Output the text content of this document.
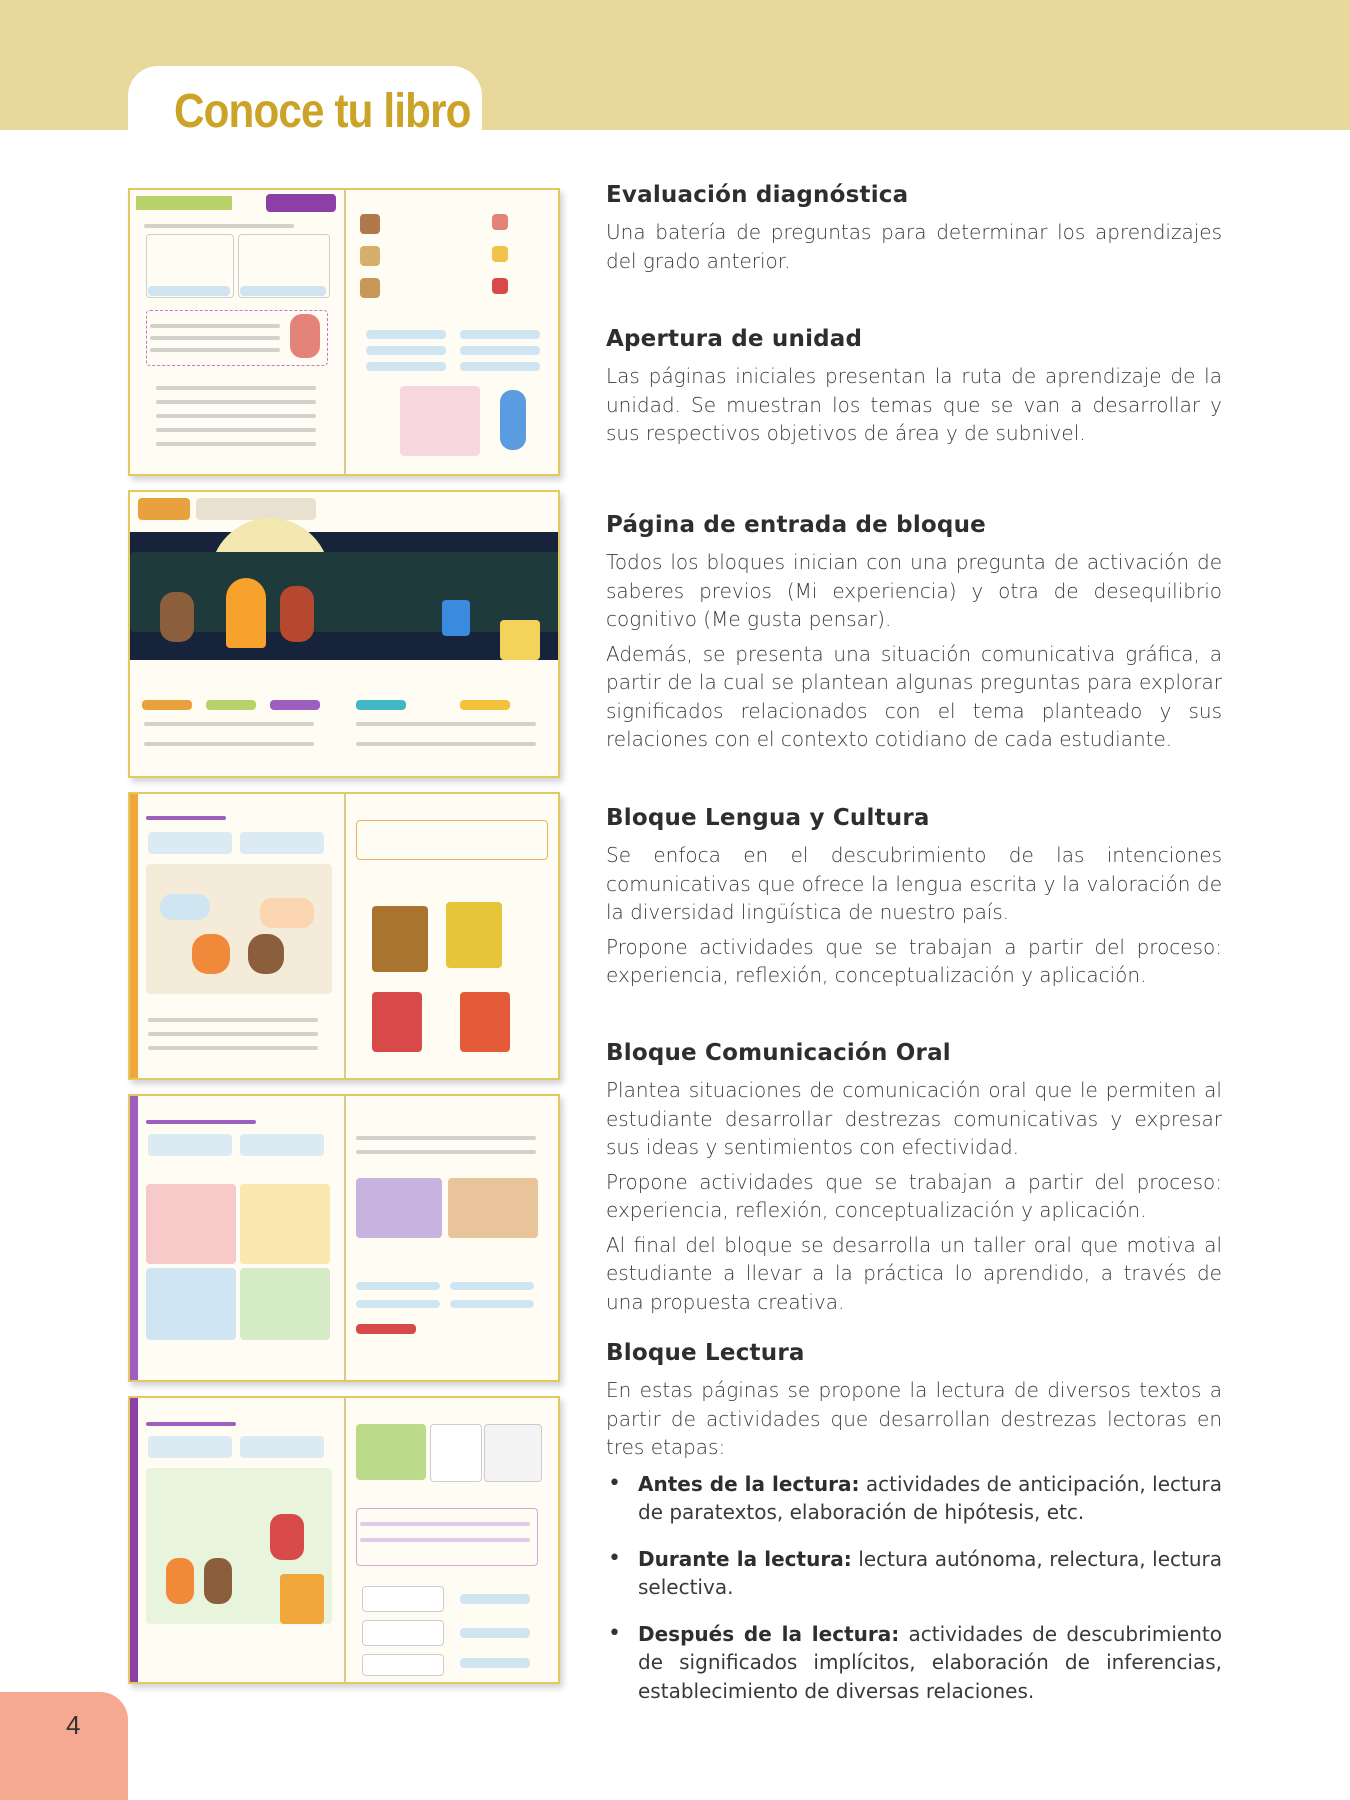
Conoce tu libro
Evaluación diagnóstica

Una batería de preguntas para determinar los aprendizajes del grado anterior.

Apertura de unidad

Las páginas iniciales presentan la ruta de aprendizaje de la unidad. Se muestran los temas que se van a desarrollar y sus respectivos objetivos de área y de subnivel.

Página de entrada de bloque

Todos los bloques inician con una pregunta de activación de saberes previos (Mi experiencia) y otra de desequilibrio cognitivo (Me gusta pensar).

Además, se presenta una situación comunicativa gráfica, a partir de la cual se plantean algunas preguntas para explorar significados relacionados con el tema planteado y sus relaciones con el contexto cotidiano de cada estudiante.

Bloque Lengua y Cultura

Se enfoca en el descubrimiento de las intenciones comunicativas que ofrece la lengua escrita y la valoración de la diversidad lingüística de nuestro país.

Propone actividades que se trabajan a partir del proceso: experiencia, reflexión, conceptualización y aplicación.

Bloque Comunicación Oral

Plantea situaciones de comunicación oral que le permiten al estudiante desarrollar destrezas comunicativas y expresar sus ideas y sentimientos con efectividad.

Propone actividades que se trabajan a partir del proceso: experiencia, reflexión, conceptualización y aplicación.

Al final del bloque se desarrolla un taller oral que motiva al estudiante a llevar a la práctica lo aprendido, a través de una propuesta creativa.

Bloque Lectura

En estas páginas se propone la lectura de diversos textos a partir de actividades que desarrollan destrezas lectoras en tres etapas:

• Antes de la lectura: actividades de anticipación, lectura de paratextos, elaboración de hipótesis, etc.
• Durante la lectura: lectura autónoma, relectura, lectura selectiva.
• Después de la lectura: actividades de descubrimiento de significados implícitos, elaboración de inferencias, establecimiento de diversas relaciones.
4
